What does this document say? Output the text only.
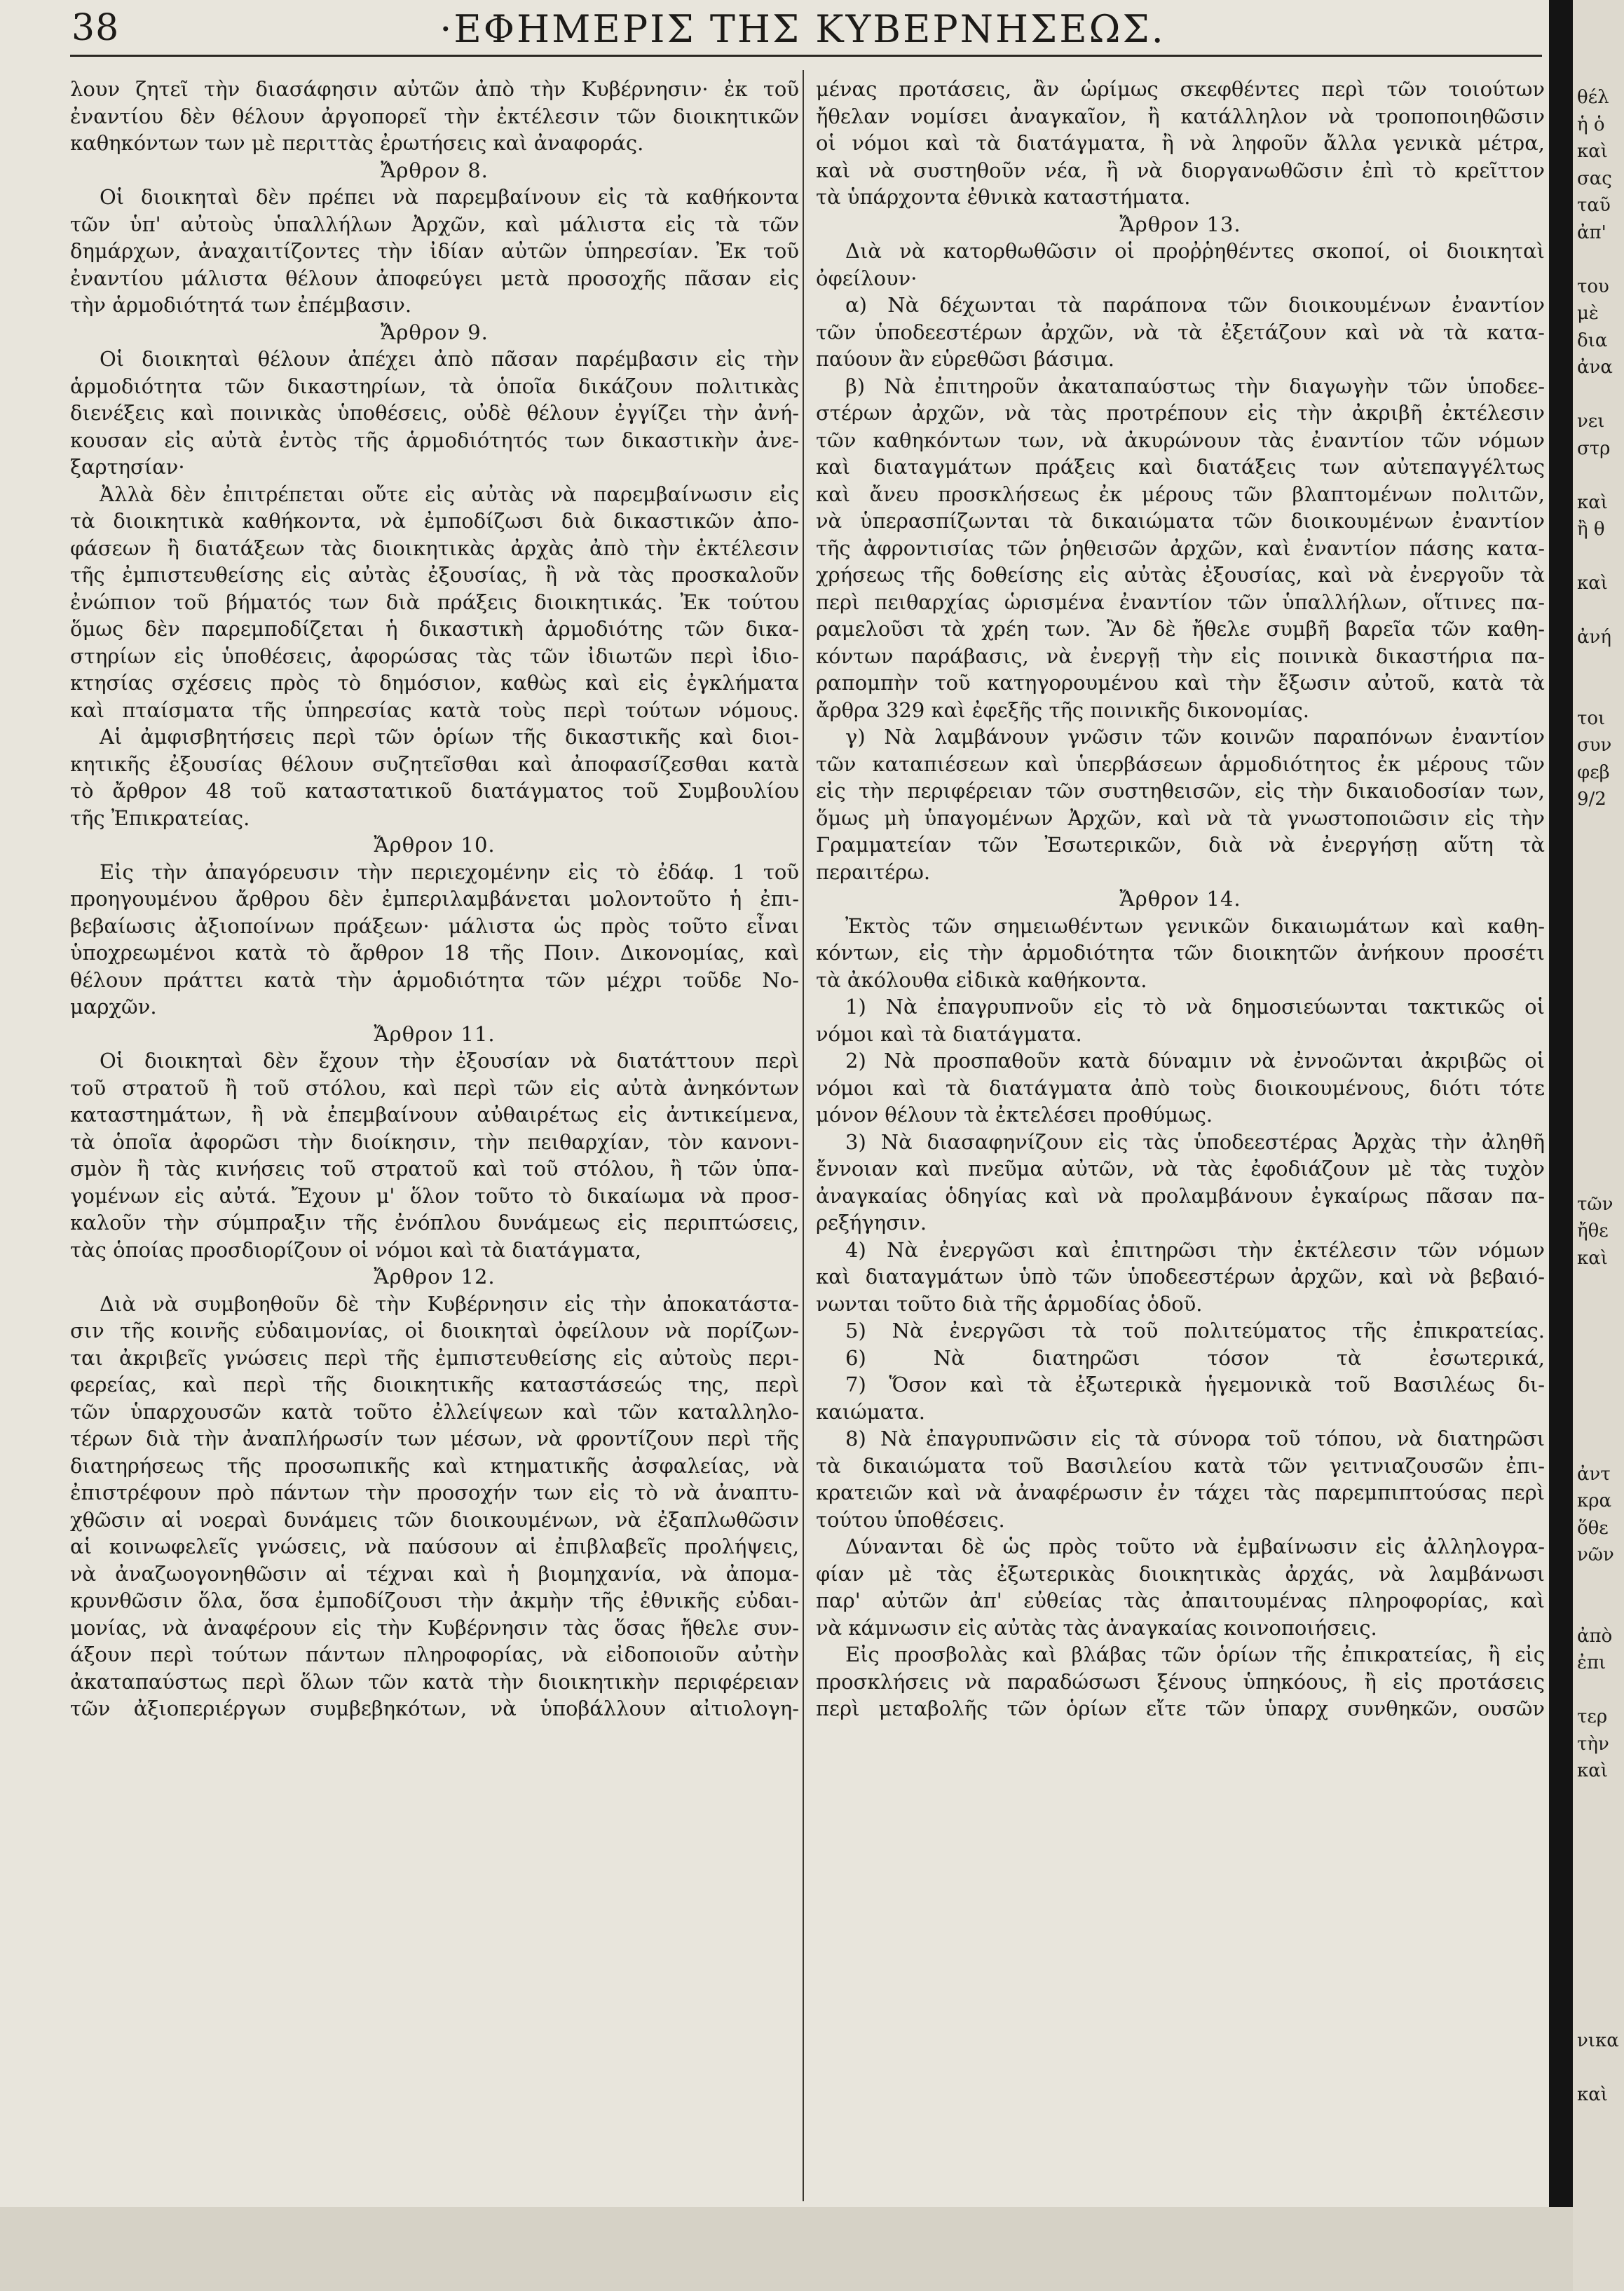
38	·ΕΦΗΜΕΡΙΣ ΤΗΣ ΚΥΒΕΡΝΗΣΕΩΣ.
λουν ζητεῖ τὴν διασάφησιν αὐτῶν ἀπὸ τὴν Κυβέρνησιν· ἐκ τοῦ
ἐναντίου δὲν θέλουν ἀργοπορεῖ τὴν ἐκτέλεσιν τῶν διοικητικῶν
καθηκόντων των μὲ περιττὰς ἐρωτήσεις καὶ ἀναφοράς.
Ἄρθρον 8.
Οἱ διοικηταὶ δὲν πρέπει νὰ παρεμβαίνουν εἰς τὰ καθήκοντα
τῶν ὑπ' αὐτοὺς ὑπαλλήλων Ἀρχῶν, καὶ μάλιστα εἰς τὰ τῶν
δημάρχων, ἀναχαιτίζοντες τὴν ἰδίαν αὐτῶν ὑπηρεσίαν. Ἐκ τοῦ
ἐναντίου μάλιστα θέλουν ἀποφεύγει μετὰ προσοχῆς πᾶσαν εἰς
τὴν ἁρμοδιότητά των ἐπέμβασιν.
Ἄρθρον 9.
Οἱ διοικηταὶ θέλουν ἀπέχει ἀπὸ πᾶσαν παρέμβασιν εἰς τὴν
ἁρμοδιότητα τῶν δικαστηρίων, τὰ ὁποῖα δικάζουν πολιτικὰς
διενέξεις καὶ ποινικὰς ὑποθέσεις, οὐδὲ θέλουν ἐγγίζει τὴν ἀνή-
κουσαν εἰς αὐτὰ ἐντὸς τῆς ἁρμοδιότητός των δικαστικὴν ἀνε-
ξαρτησίαν·
Ἀλλὰ δὲν ἐπιτρέπεται οὔτε εἰς αὐτὰς νὰ παρεμβαίνωσιν εἰς
τὰ διοικητικὰ καθήκοντα, νὰ ἐμποδίζωσι διὰ δικαστικῶν ἀπο-
φάσεων ἢ διατάξεων τὰς διοικητικὰς ἀρχὰς ἀπὸ τὴν ἐκτέλεσιν
τῆς ἐμπιστευθείσης εἰς αὐτὰς ἐξουσίας, ἢ νὰ τὰς προσκαλοῦν
ἐνώπιον τοῦ βήματός των διὰ πράξεις διοικητικάς. Ἐκ τούτου
ὅμως δὲν παρεμποδίζεται ἡ δικαστικὴ ἁρμοδιότης τῶν δικα-
στηρίων εἰς ὑποθέσεις, ἀφορώσας τὰς τῶν ἰδιωτῶν περὶ ἰδιο-
κτησίας σχέσεις πρὸς τὸ δημόσιον, καθὼς καὶ εἰς ἐγκλήματα
καὶ πταίσματα τῆς ὑπηρεσίας κατὰ τοὺς περὶ τούτων νόμους.
Αἱ ἀμφισβητήσεις περὶ τῶν ὁρίων τῆς δικαστικῆς καὶ διοι-
κητικῆς ἐξουσίας θέλουν συζητεῖσθαι καὶ ἀποφασίζεσθαι κατὰ
τὸ ἄρθρον 48 τοῦ καταστατικοῦ διατάγματος τοῦ Συμβουλίου
τῆς Ἐπικρατείας.
Ἄρθρον 10.
Εἰς τὴν ἀπαγόρευσιν τὴν περιεχομένην εἰς τὸ ἐδάφ. 1 τοῦ
προηγουμένου ἄρθρου δὲν ἐμπεριλαμβάνεται μολοντοῦτο ἡ ἐπι-
βεβαίωσις ἀξιοποίνων πράξεων· μάλιστα ὡς πρὸς τοῦτο εἶναι
ὑποχρεωμένοι κατὰ τὸ ἄρθρον 18 τῆς Ποιν. Δικονομίας, καὶ
θέλουν πράττει κατὰ τὴν ἁρμοδιότητα τῶν μέχρι τοῦδε Νο-
μαρχῶν.
Ἄρθρον 11.
Οἱ διοικηταὶ δὲν ἔχουν τὴν ἐξουσίαν νὰ διατάττουν περὶ
τοῦ στρατοῦ ἢ τοῦ στόλου, καὶ περὶ τῶν εἰς αὐτὰ ἀνηκόντων
καταστημάτων, ἢ νὰ ἐπεμβαίνουν αὐθαιρέτως εἰς ἀντικείμενα,
τὰ ὁποῖα ἀφορῶσι τὴν διοίκησιν, τὴν πειθαρχίαν, τὸν κανονι-
σμὸν ἢ τὰς κινήσεις τοῦ στρατοῦ καὶ τοῦ στόλου, ἢ τῶν ὑπα-
γομένων εἰς αὐτά. Ἔχουν μ' ὅλον τοῦτο τὸ δικαίωμα νὰ προσ-
καλοῦν τὴν σύμπραξιν τῆς ἐνόπλου δυνάμεως εἰς περιπτώσεις,
τὰς ὁποίας προσδιορίζουν οἱ νόμοι καὶ τὰ διατάγματα,
Ἄρθρον 12.
Διὰ νὰ συμβοηθοῦν δὲ τὴν Κυβέρνησιν εἰς τὴν ἀποκατάστα-
σιν τῆς κοινῆς εὐδαιμονίας, οἱ διοικηταὶ ὀφείλουν νὰ πορίζων-
ται ἀκριβεῖς γνώσεις περὶ τῆς ἐμπιστευθείσης εἰς αὐτοὺς περι-
φερείας, καὶ περὶ τῆς διοικητικῆς καταστάσεώς της, περὶ
τῶν ὑπαρχουσῶν κατὰ τοῦτο ἐλλείψεων καὶ τῶν καταλληλο-
τέρων διὰ τὴν ἀναπλήρωσίν των μέσων, νὰ φροντίζουν περὶ τῆς
διατηρήσεως τῆς προσωπικῆς καὶ κτηματικῆς ἀσφαλείας, νὰ
ἐπιστρέφουν πρὸ πάντων τὴν προσοχήν των εἰς τὸ νὰ ἀναπτυ-
χθῶσιν αἱ νοεραὶ δυνάμεις τῶν διοικουμένων, νὰ ἐξαπλωθῶσιν
αἱ κοινωφελεῖς γνώσεις, νὰ παύσουν αἱ ἐπιβλαβεῖς προλήψεις,
νὰ ἀναζωογονηθῶσιν αἱ τέχναι καὶ ἡ βιομηχανία, νὰ ἀπομα-
κρυνθῶσιν ὅλα, ὅσα ἐμποδίζουσι τὴν ἀκμὴν τῆς ἐθνικῆς εὐδαι-
μονίας, νὰ ἀναφέρουν εἰς τὴν Κυβέρνησιν τὰς ὅσας ἤθελε συν-
άξουν περὶ τούτων πάντων πληροφορίας, νὰ εἰδοποιοῦν αὐτὴν
ἀκαταπαύστως περὶ ὅλων τῶν κατὰ τὴν διοικητικὴν περιφέρειαν
τῶν ἀξιοπεριέργων συμβεβηκότων, νὰ ὑποβάλλουν αἰτιολογη-
μένας προτάσεις, ἂν ὡρίμως σκεφθέντες περὶ τῶν τοιούτων
ἤθελαν νομίσει ἀναγκαῖον, ἢ κατάλληλον νὰ τροποποιηθῶσιν
οἱ νόμοι καὶ τὰ διατάγματα, ἢ νὰ ληφοῦν ἄλλα γενικὰ μέτρα,
καὶ νὰ συστηθοῦν νέα, ἢ νὰ διοργανωθῶσιν ἐπὶ τὸ κρεῖττον
τὰ ὑπάρχοντα ἐθνικὰ καταστήματα.
Ἄρθρον 13.
Διὰ νὰ κατορθωθῶσιν οἱ προῤῥηθέντες σκοποί, οἱ διοικηταὶ
ὀφείλουν·
α) Νὰ δέχωνται τὰ παράπονα τῶν διοικουμένων ἐναντίον
τῶν ὑποδεεστέρων ἀρχῶν, νὰ τὰ ἐξετάζουν καὶ νὰ τὰ κατα-
παύουν ἂν εὑρεθῶσι βάσιμα.
β) Νὰ ἐπιτηροῦν ἀκαταπαύστως τὴν διαγωγὴν τῶν ὑποδεε-
στέρων ἀρχῶν, νὰ τὰς προτρέπουν εἰς τὴν ἀκριβῆ ἐκτέλεσιν
τῶν καθηκόντων των, νὰ ἀκυρώνουν τὰς ἐναντίον τῶν νόμων
καὶ διαταγμάτων πράξεις καὶ διατάξεις των αὐτεπαγγέλτως
καὶ ἄνευ προσκλήσεως ἐκ μέρους τῶν βλαπτομένων πολιτῶν,
νὰ ὑπερασπίζωνται τὰ δικαιώματα τῶν διοικουμένων ἐναντίον
τῆς ἀφροντισίας τῶν ῥηθεισῶν ἀρχῶν, καὶ ἐναντίον πάσης κατα-
χρήσεως τῆς δοθείσης εἰς αὐτὰς ἐξουσίας, καὶ νὰ ἐνεργοῦν τὰ
περὶ πειθαρχίας ὡρισμένα ἐναντίον τῶν ὑπαλλήλων, οἵτινες πα-
ραμελοῦσι τὰ χρέη των. Ἂν δὲ ἤθελε συμβῆ βαρεῖα τῶν καθη-
κόντων παράβασις, νὰ ἐνεργῇ τὴν εἰς ποινικὰ δικαστήρια πα-
ραπομπὴν τοῦ κατηγορουμένου καὶ τὴν ἔξωσιν αὐτοῦ, κατὰ τὰ
ἄρθρα 329 καὶ ἐφεξῆς τῆς ποινικῆς δικονομίας.
γ) Νὰ λαμβάνουν γνῶσιν τῶν κοινῶν παραπόνων ἐναντίον
τῶν καταπιέσεων καὶ ὑπερβάσεων ἁρμοδιότητος ἐκ μέρους τῶν
εἰς τὴν περιφέρειαν τῶν συστηθεισῶν, εἰς τὴν δικαιοδοσίαν των,
ὅμως μὴ ὑπαγομένων Ἀρχῶν, καὶ νὰ τὰ γνωστοποιῶσιν εἰς τὴν
Γραμματείαν τῶν Ἐσωτερικῶν, διὰ νὰ ἐνεργήσῃ αὕτη τὰ
περαιτέρω.
Ἄρθρον 14.
Ἐκτὸς τῶν σημειωθέντων γενικῶν δικαιωμάτων καὶ καθη-
κόντων, εἰς τὴν ἁρμοδιότητα τῶν διοικητῶν ἀνήκουν προσέτι
τὰ ἀκόλουθα εἰδικὰ καθήκοντα.
1) Νὰ ἐπαγρυπνοῦν εἰς τὸ νὰ δημοσιεύωνται τακτικῶς οἱ
νόμοι καὶ τὰ διατάγματα.
2) Νὰ προσπαθοῦν κατὰ δύναμιν νὰ ἐννοῶνται ἀκριβῶς οἱ
νόμοι καὶ τὰ διατάγματα ἀπὸ τοὺς διοικουμένους, διότι τότε
μόνον θέλουν τὰ ἐκτελέσει προθύμως.
3) Νὰ διασαφηνίζουν εἰς τὰς ὑποδεεστέρας Ἀρχὰς τὴν ἀληθῆ
ἔννοιαν καὶ πνεῦμα αὐτῶν, νὰ τὰς ἐφοδιάζουν μὲ τὰς τυχὸν
ἀναγκαίας ὁδηγίας καὶ νὰ προλαμβάνουν ἐγκαίρως πᾶσαν πα-
ρεξήγησιν.
4) Νὰ ἐνεργῶσι καὶ ἐπιτηρῶσι τὴν ἐκτέλεσιν τῶν νόμων
καὶ διαταγμάτων ὑπὸ τῶν ὑποδεεστέρων ἀρχῶν, καὶ νὰ βεβαιό-
νωνται τοῦτο διὰ τῆς ἁρμοδίας ὁδοῦ.
5) Νὰ ἐνεργῶσι τὰ τοῦ πολιτεύματος τῆς ἐπικρατείας.
6) Νὰ διατηρῶσι τόσον τὰ ἐσωτερικά,
7) Ὅσον καὶ τὰ ἐξωτερικὰ ἡγεμονικὰ τοῦ Βασιλέως δι-
καιώματα.
8) Νὰ ἐπαγρυπνῶσιν εἰς τὰ σύνορα τοῦ τόπου, νὰ διατηρῶσι
τὰ δικαιώματα τοῦ Βασιλείου κατὰ τῶν γειτνιαζουσῶν ἐπι-
κρατειῶν καὶ νὰ ἀναφέρωσιν ἐν τάχει τὰς παρεμπιπτούσας περὶ
τούτου ὑποθέσεις.
Δύνανται δὲ ὡς πρὸς τοῦτο νὰ ἐμβαίνωσιν εἰς ἀλληλογρα-
φίαν μὲ τὰς ἐξωτερικὰς διοικητικὰς ἀρχάς, νὰ λαμβάνωσι
παρ' αὐτῶν ἀπ' εὐθείας τὰς ἀπαιτουμένας πληροφορίας, καὶ
νὰ κάμνωσιν εἰς αὐτὰς τὰς ἀναγκαίας κοινοποιήσεις.
Εἰς προσβολὰς καὶ βλάβας τῶν ὁρίων τῆς ἐπικρατείας, ἢ εἰς
προσκλήσεις νὰ παραδώσωσι ξένους ὑπηκόους, ἢ εἰς προτάσεις
περὶ μεταβολῆς τῶν ὁρίων εἴτε τῶν ὑπαρχ συνθηκῶν, ουσῶν
θέλ
ἡ ὁ
καὶ
σας
ταῦ
ἀπ'
του
μὲ
δια
ἀνα
νει
στρ
καὶ
ἢ θ
καὶ
ἀνή
τοι
συν
φεβ
9/2
τῶν
ἤθε
καὶ
ἀντ
κρα
ὅθε
νῶν
ἀπὸ
ἐπι
τερ
τὴν
καὶ
νικα
καὶ
